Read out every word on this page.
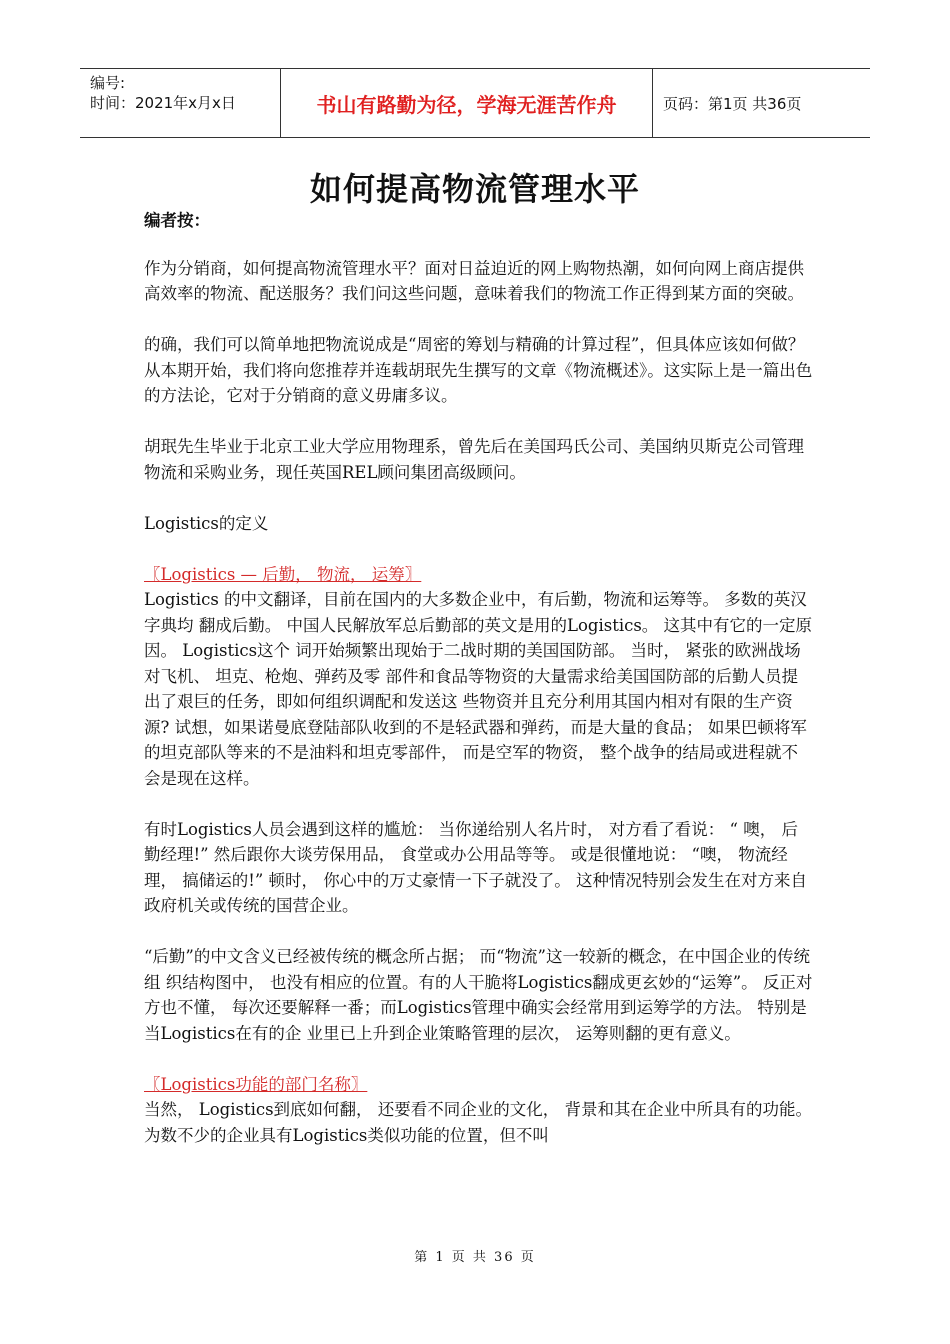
编号:
时间：2021年x月x日	书山有路勤为径，学海无涯苦作舟	页码：第1页 共36页
如何提高物流管理水平

编者按：

作为分销商，如何提高物流管理水平？面对日益迫近的网上购物热潮，如何向网上商店提供高效率的物流、配送服务？我们问这些问题，意味着我们的物流工作正得到某方面的突破。

的确，我们可以简单地把物流说成是“周密的筹划与精确的计算过程”，但具体应该如何做？从本期开始，我们将向您推荐并连载胡珉先生撰写的文章《物流概述》。这实际上是一篇出色的方法论，它对于分销商的意义毋庸多议。

胡珉先生毕业于北京工业大学应用物理系，曾先后在美国玛氏公司、美国纳贝斯克公司管理物流和采购业务，现任英国REL顾问集团高级顾问。

Logistics的定义

〖Logistics — 后勤， 物流， 运筹〗

Logistics 的中文翻译，目前在国内的大多数企业中，有后勤，物流和运筹等。 多数的英汉字典均 翻成后勤。 中国人民解放军总后勤部的英文是用的Logistics。 这其中有它的一定原因。 Logistics这个 词开始频繁出现始于二战时期的美国国防部。 当时， 紧张的欧洲战场对飞机、 坦克、枪炮、弹药及零 部件和食品等物资的大量需求给美国国防部的后勤人员提出了艰巨的任务，即如何组织调配和发送这 些物资并且充分利用其国内相对有限的生产资源? 试想，如果诺曼底登陆部队收到的不是轻武器和弹药，而是大量的食品； 如果巴顿将军的坦克部队等来的不是油料和坦克零部件， 而是空军的物资， 整个战争的结局或进程就不会是现在这样。

有时Logistics人员会遇到这样的尴尬： 当你递给别人名片时， 对方看了看说： “ 噢， 后勤经理!” 然后跟你大谈劳保用品， 食堂或办公用品等等。 或是很懂地说： “噢， 物流经理， 搞储运的!” 顿时， 你心中的万丈豪情一下子就没了。 这种情况特别会发生在对方来自政府机关或传统的国营企业。

“后勤”的中文含义已经被传统的概念所占据； 而“物流”这一较新的概念，在中国企业的传统组 织结构图中， 也没有相应的位置。有的人干脆将Logistics翻成更玄妙的“运筹”。 反正对方也不懂， 每次还要解释一番；而Logistics管理中确实会经常用到运筹学的方法。 特别是当Logistics在有的企 业里已上升到企业策略管理的层次， 运筹则翻的更有意义。

〖Logistics功能的部门名称〗

当然， Logistics到底如何翻， 还要看不同企业的文化， 背景和其在企业中所具有的功能。为数不少的企业具有Logistics类似功能的位置，但不叫

第 1 页 共 36 页
